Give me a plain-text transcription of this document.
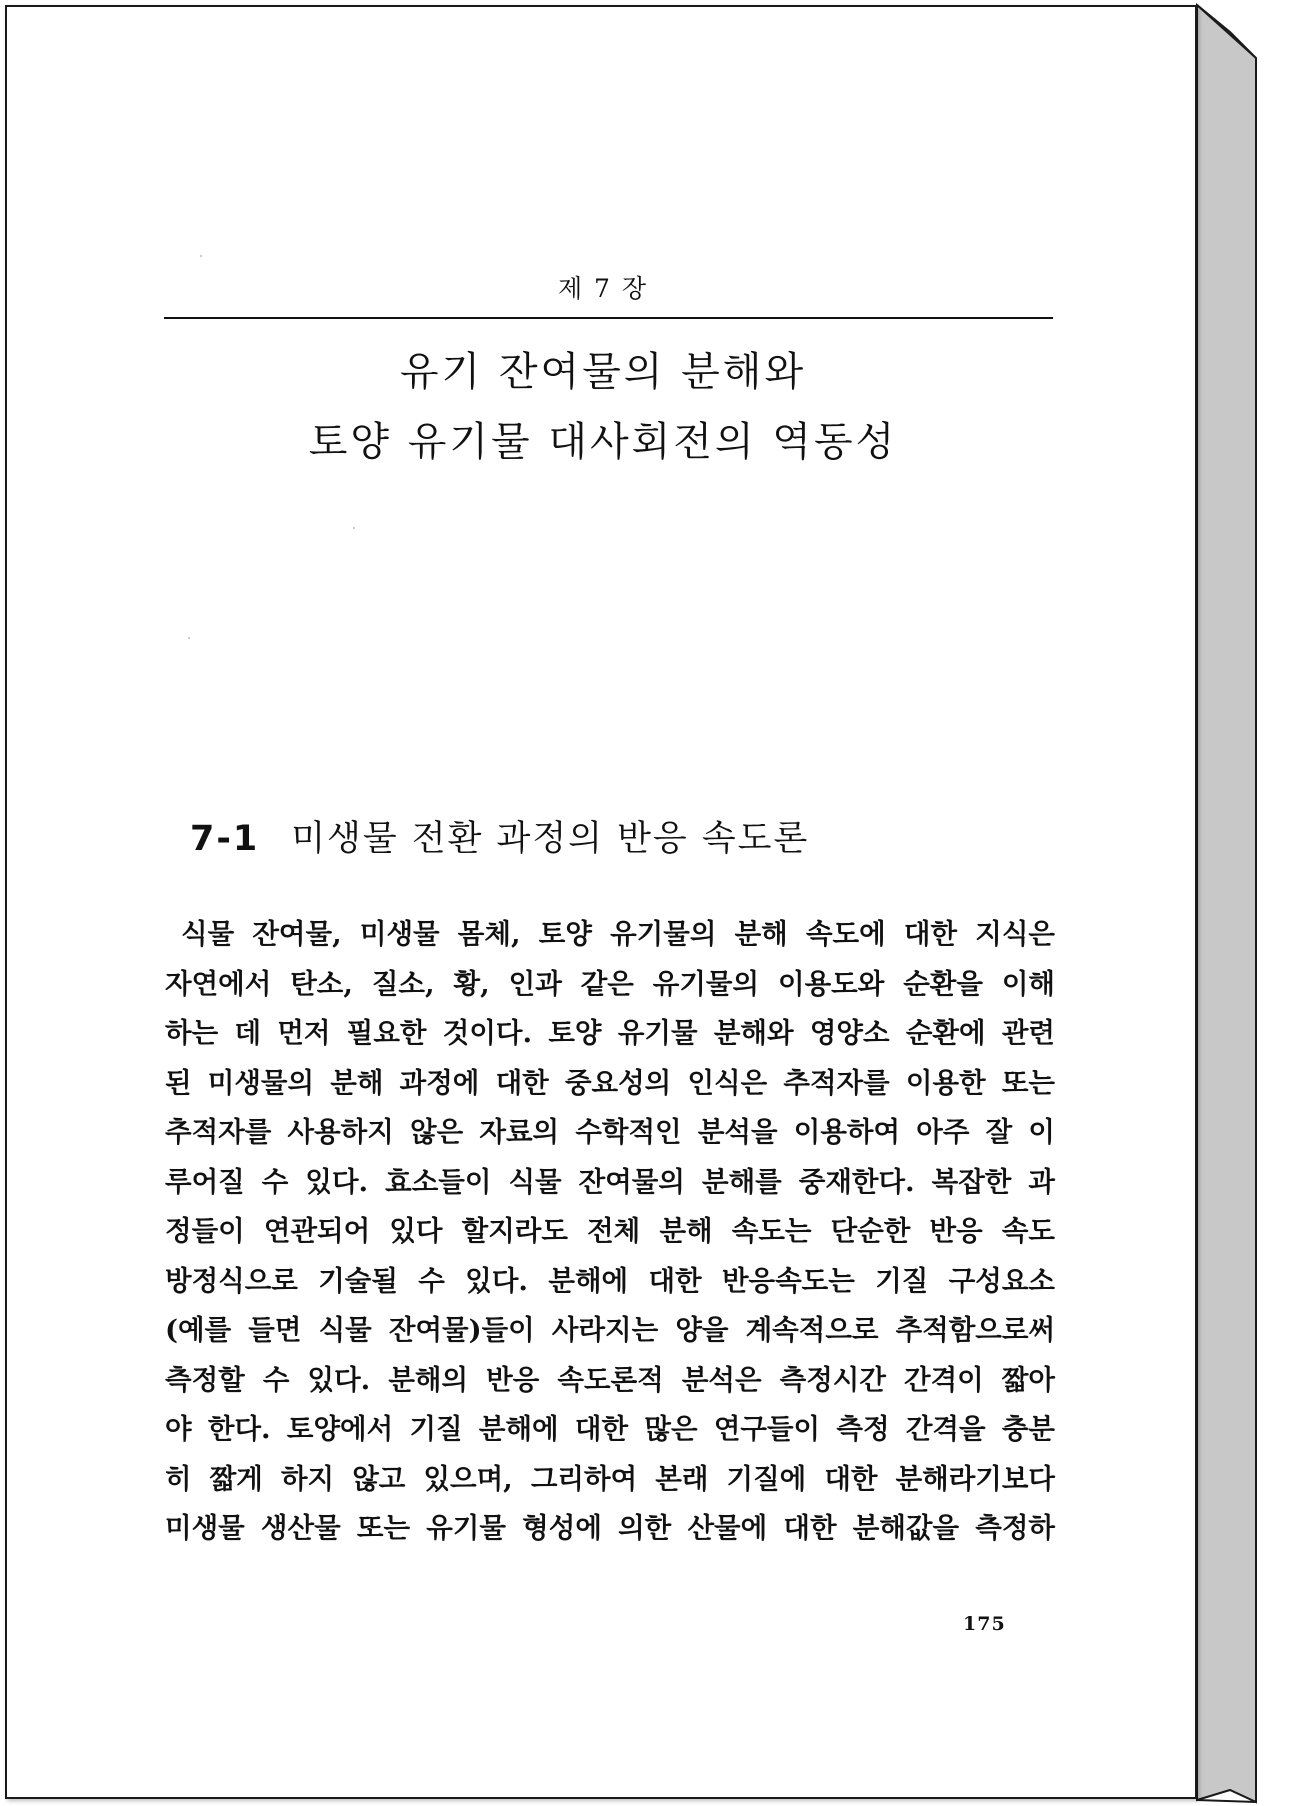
제 7 장
유기 잔여물의 분해와
토양 유기물 대사회전의 역동성
7-1 미생물 전환 과정의 반응 속도론

식물 잔여물, 미생물 몸체, 토양 유기물의 분해 속도에 대한 지식은
자연에서 탄소, 질소, 황, 인과 같은 유기물의 이용도와 순환을 이해
하는 데 먼저 필요한 것이다. 토양 유기물 분해와 영양소 순환에 관련
된 미생물의 분해 과정에 대한 중요성의 인식은 추적자를 이용한 또는
추적자를 사용하지 않은 자료의 수학적인 분석을 이용하여 아주 잘 이
루어질 수 있다. 효소들이 식물 잔여물의 분해를 중재한다. 복잡한 과
정들이 연관되어 있다 할지라도 전체 분해 속도는 단순한 반응 속도
방정식으로 기술될 수 있다. 분해에 대한 반응속도는 기질 구성요소
(예를 들면 식물 잔여물)들이 사라지는 양을 계속적으로 추적함으로써
측정할 수 있다. 분해의 반응 속도론적 분석은 측정시간 간격이 짧아
야 한다. 토양에서 기질 분해에 대한 많은 연구들이 측정 간격을 충분
히 짧게 하지 않고 있으며, 그리하여 본래 기질에 대한 분해라기보다
미생물 생산물 또는 유기물 형성에 의한 산물에 대한 분해값을 측정하

175
